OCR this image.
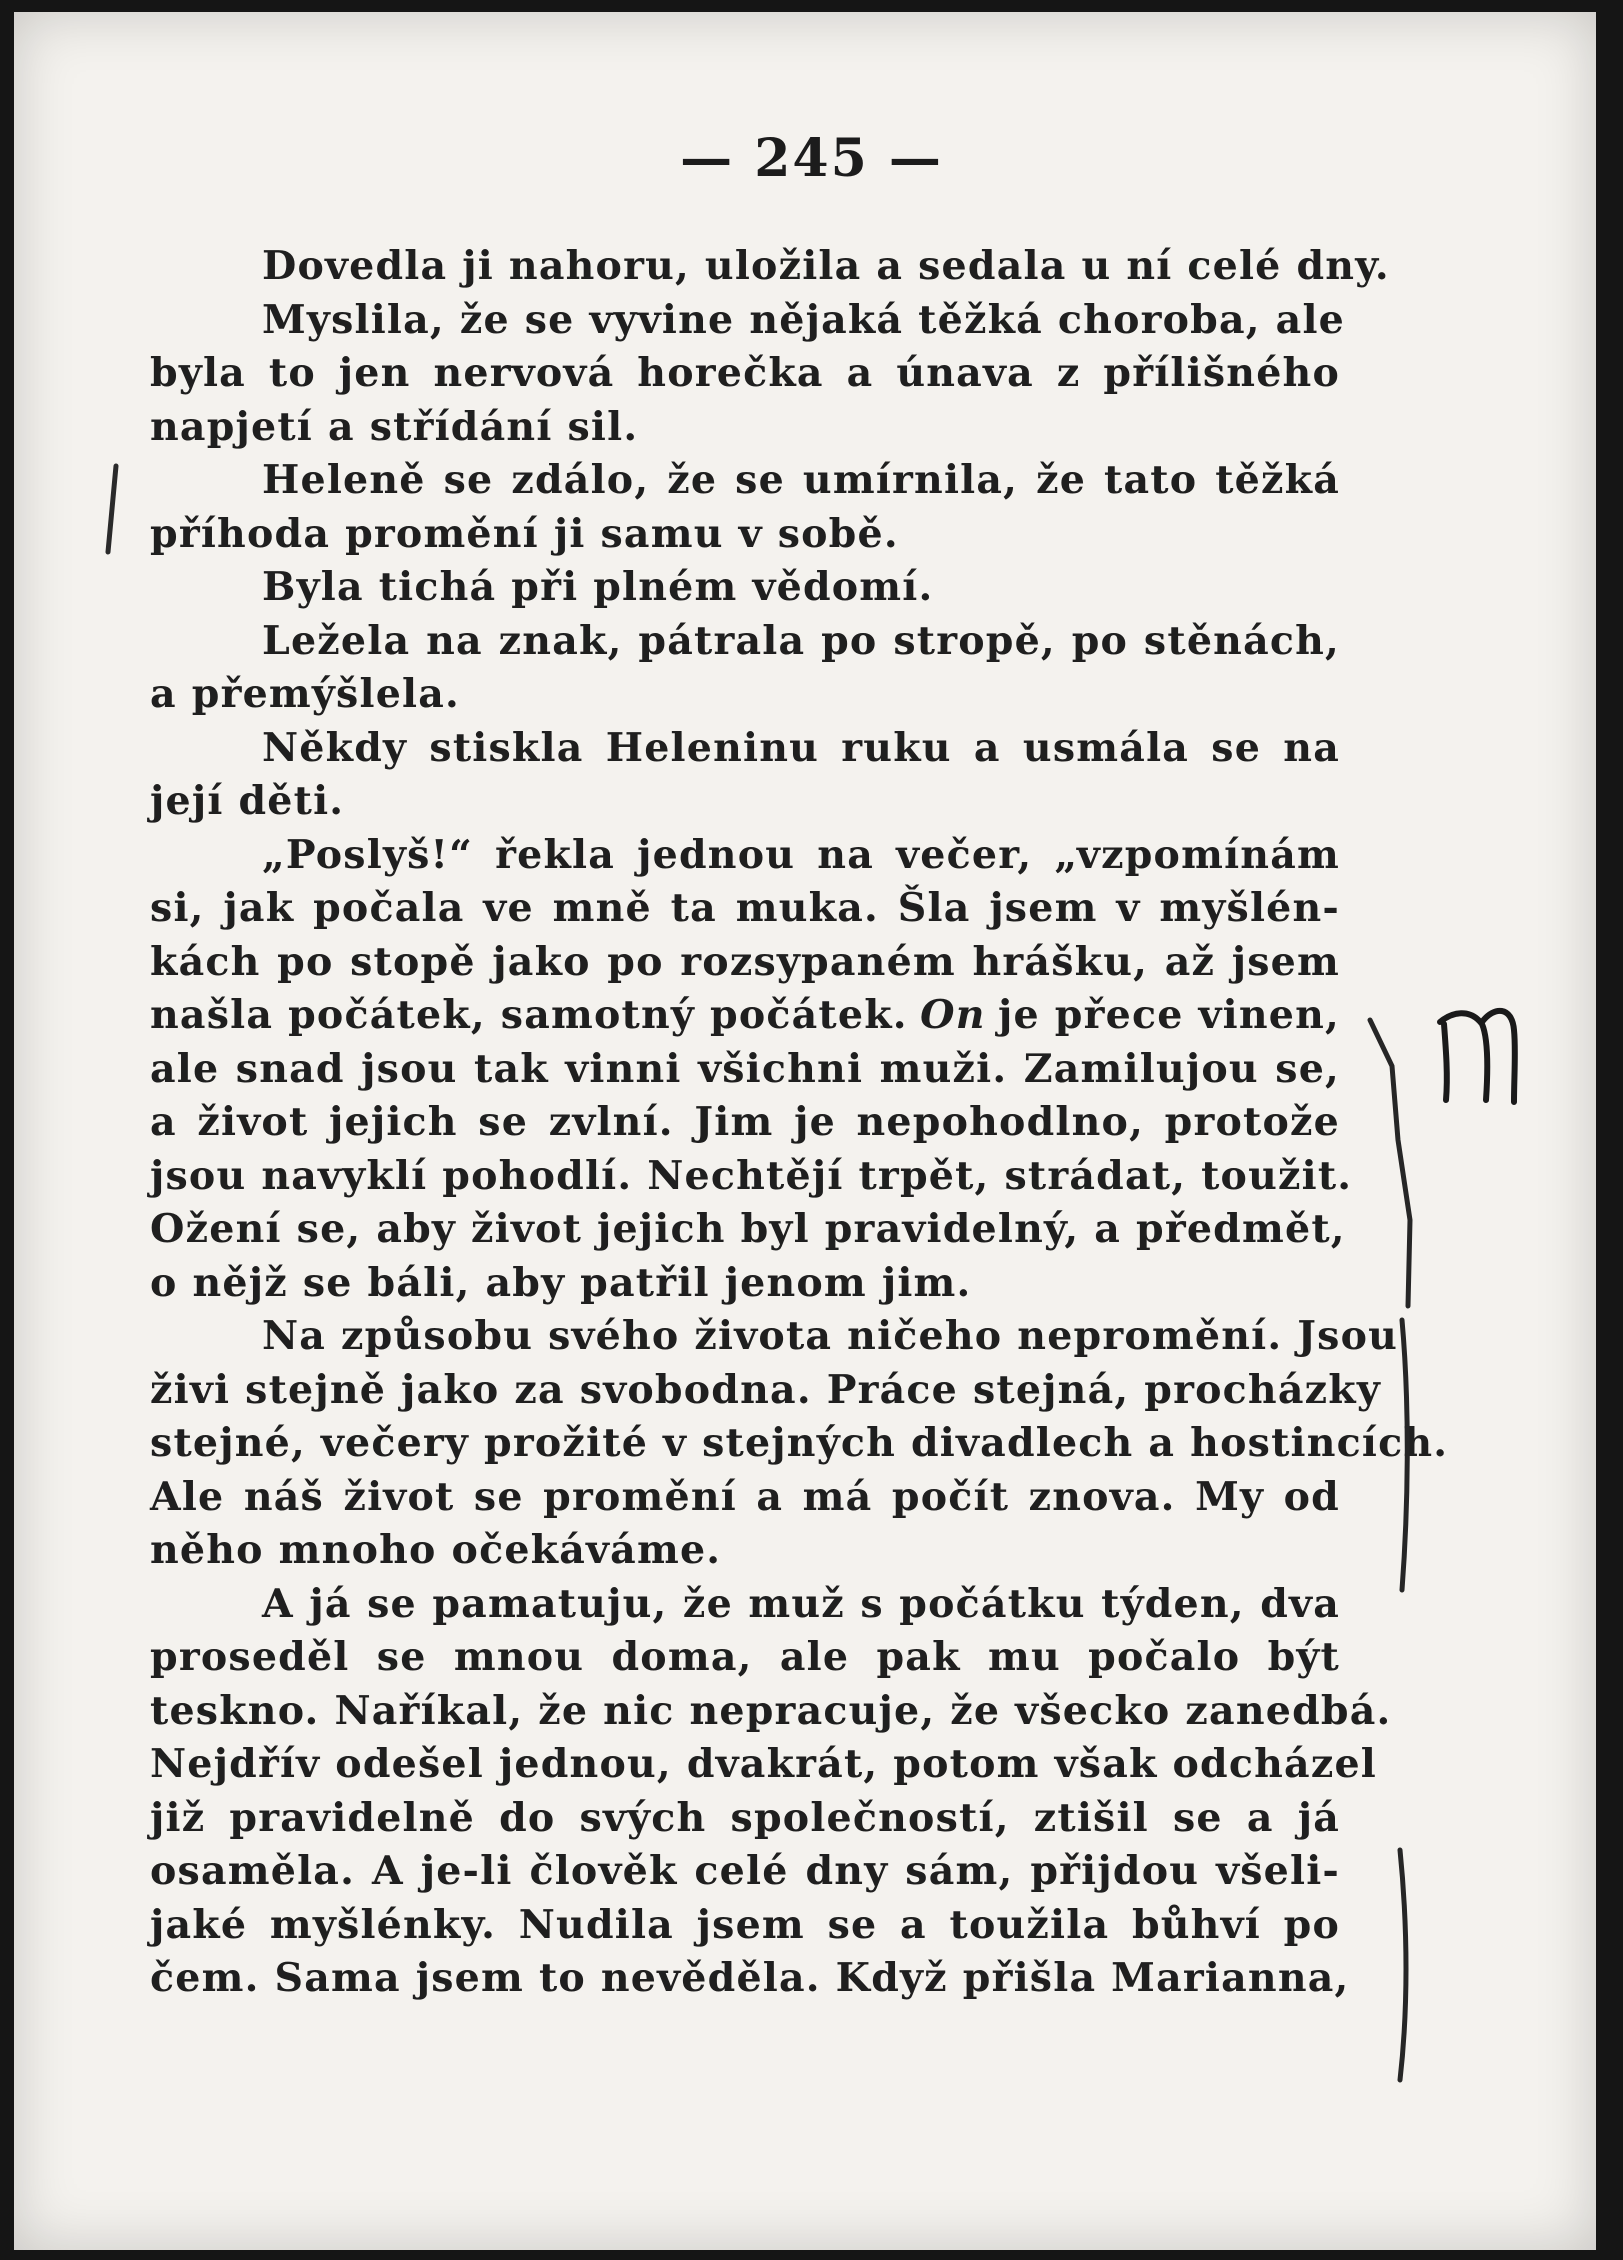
— 245 —
Dovedla ji nahoru, uložila a sedala u ní celé dny.
Myslila, že se vyvine nějaká těžká choroba, ale
byla to jen nervová horečka a únava z přílišného
napjetí a střídání sil.
Heleně se zdálo, že se umírnila, že tato těžká
příhoda promění ji samu v sobě.
Byla tichá při plném vědomí.
Ležela na znak, pátrala po stropě, po stěnách,
a přemýšlela.
Někdy stiskla Heleninu ruku a usmála se na
její děti.
„Poslyš!“ řekla jednou na večer, „vzpomínám
si, jak počala ve mně ta muka. Šla jsem v myšlén-
kách po stopě jako po rozsypaném hrášku, až jsem
našla počátek, samotný počátek. On je přece vinen,
ale snad jsou tak vinni všichni muži. Zamilujou se,
a život jejich se zvlní. Jim je nepohodlno, protože
jsou navyklí pohodlí. Nechtějí trpět, strádat, toužit.
Ožení se, aby život jejich byl pravidelný, a předmět,
o nějž se báli, aby patřil jenom jim.
Na způsobu svého života ničeho nepromění. Jsou
živi stejně jako za svobodna. Práce stejná, procházky
stejné, večery prožité v stejných divadlech a hostincích.
Ale náš život se promění a má počít znova. My od
něho mnoho očekáváme.
A já se pamatuju, že muž s počátku týden, dva
proseděl se mnou doma, ale pak mu počalo být
teskno. Naříkal, že nic nepracuje, že všecko zanedbá.
Nejdřív odešel jednou, dvakrát, potom však odcházel
již pravidelně do svých společností, ztišil se a já
osaměla. A je-li člověk celé dny sám, přijdou všeli-
jaké myšlénky. Nudila jsem se a toužila bůhví po
čem. Sama jsem to nevěděla. Když přišla Marianna,
